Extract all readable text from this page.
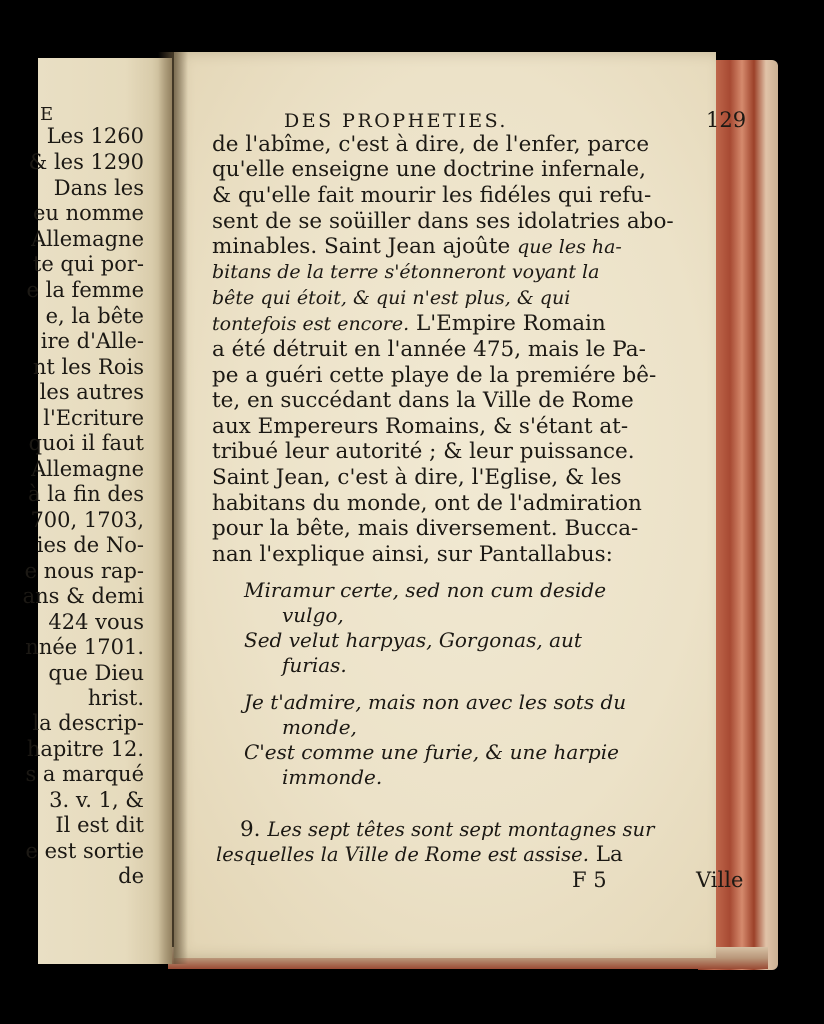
E
Les 1260
& les 1290
Dans les
eu nomme
Allemagne
te qui por-
e la femme
e, la bête
ire d'Alle-
nt les Rois
les autres
l'Ecriture
quoi il faut
Allemagne
à la fin des
700, 1703,
ies de No-
e nous rap-
ans & demi
424 vous
nnée 1701.
que Dieu
hrist.
la descrip-
hapitre 12.
s a marqué
3. v. 1, &
Il est dit
e est sortie
de
DES PROPHETIES.	129
de l'abîme, c'est à dire, de l'enfer, parce
qu'elle enseigne une doctrine infernale,
& qu'elle fait mourir les fidéles qui refu-
sent de se soüiller dans ses idolatries abo-
minables. Saint Jean ajoûte que les ha-
bitans de la terre s'étonneront voyant la
bête qui étoit, & qui n'est plus, & qui
tontefois est encore. L'Empire Romain
a été détruit en l'année 475, mais le Pa-
pe a guéri cette playe de la premiére bê-
te, en succédant dans la Ville de Rome
aux Empereurs Romains, & s'étant at-
tribué leur autorité ; & leur puissance.
Saint Jean, c'est à dire, l'Eglise, & les
habitans du monde, ont de l'admiration
pour la bête, mais diversement. Bucca-
nan l'explique ainsi, sur Pantallabus:
Miramur certe, sed non cum deside
vulgo,
Sed velut harpyas, Gorgonas, aut
furias.
Je t'admire, mais non avec les sots du
monde,
C'est comme une furie, & une harpie
immonde.
9. Les sept têtes sont sept montagnes sur
lesquelles la Ville de Rome est assise. La
F 5	Ville
